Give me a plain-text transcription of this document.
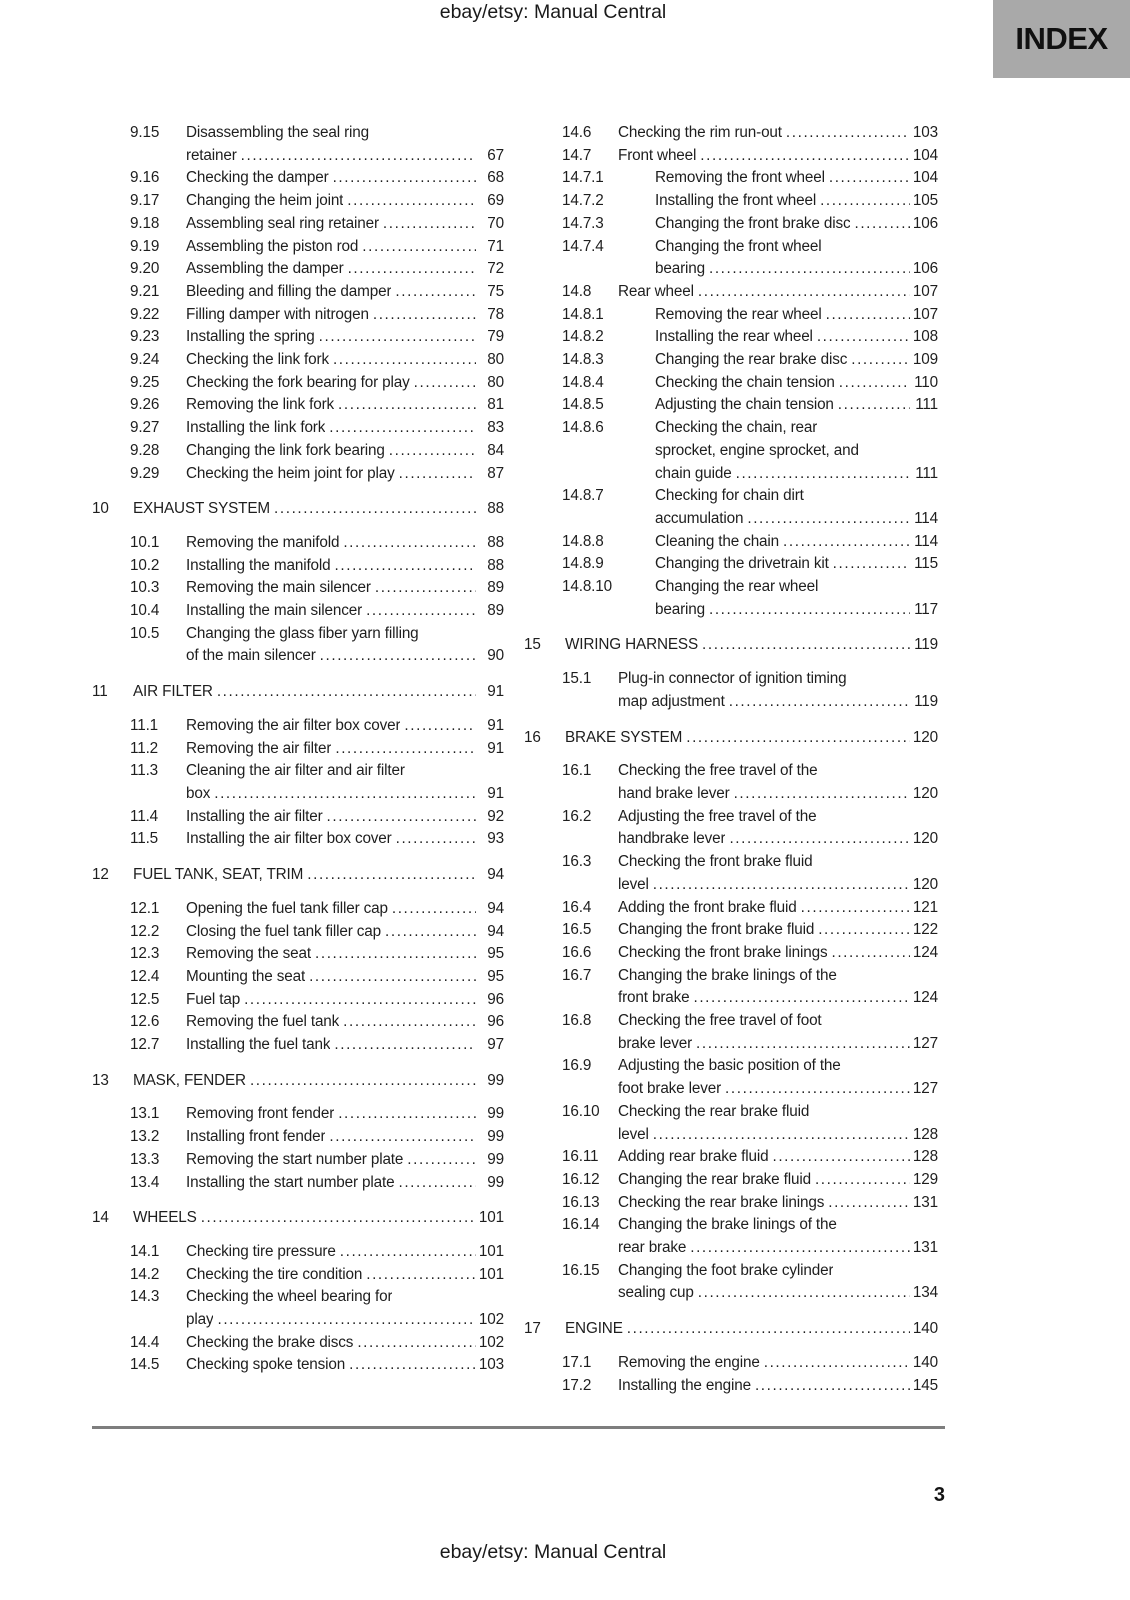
ebay/etsy: Manual Central
INDEX
9.15	Disassembling the seal ring
retainer .....	67
9.16	Checking the damper .....	68
9.17	Changing the heim joint .....	69
9.18	Assembling seal ring retainer .....	70
9.19	Assembling the piston rod .....	71
9.20	Assembling the damper .....	72
9.21	Bleeding and filling the damper .....	75
9.22	Filling damper with nitrogen .....	78
9.23	Installing the spring .....	79
9.24	Checking the link fork .....	80
9.25	Checking the fork bearing for play .....	80
9.26	Removing the link fork .....	81
9.27	Installing the link fork .....	83
9.28	Changing the link fork bearing .....	84
9.29	Checking the heim joint for play .....	87
10	EXHAUST SYSTEM .....	88
10.1	Removing the manifold .....	88
10.2	Installing the manifold .....	88
10.3	Removing the main silencer .....	89
10.4	Installing the main silencer .....	89
10.5	Changing the glass fiber yarn filling
of the main silencer .....	90
11	AIR FILTER .....	91
11.1	Removing the air filter box cover .....	91
11.2	Removing the air filter .....	91
11.3	Cleaning the air filter and air filter
box .....	91
11.4	Installing the air filter .....	92
11.5	Installing the air filter box cover .....	93
12	FUEL TANK, SEAT, TRIM .....	94
12.1	Opening the fuel tank filler cap .....	94
12.2	Closing the fuel tank filler cap .....	94
12.3	Removing the seat .....	95
12.4	Mounting the seat .....	95
12.5	Fuel tap .....	96
12.6	Removing the fuel tank .....	96
12.7	Installing the fuel tank .....	97
13	MASK, FENDER .....	99
13.1	Removing front fender .....	99
13.2	Installing front fender .....	99
13.3	Removing the start number plate .....	99
13.4	Installing the start number plate .....	99
14	WHEELS .....	101
14.1	Checking tire pressure .....	101
14.2	Checking the tire condition .....	101
14.3	Checking the wheel bearing for
play .....	102
14.4	Checking the brake discs .....	102
14.5	Checking spoke tension .....	103
14.6	Checking the rim run-out .....	103
14.7	Front wheel .....	104
14.7.1	Removing the front wheel .....	104
14.7.2	Installing the front wheel .....	105
14.7.3	Changing the front brake disc .....	106
14.7.4	Changing the front wheel
bearing .....	106
14.8	Rear wheel .....	107
14.8.1	Removing the rear wheel .....	107
14.8.2	Installing the rear wheel .....	108
14.8.3	Changing the rear brake disc .....	109
14.8.4	Checking the chain tension .....	110
14.8.5	Adjusting the chain tension .....	111
14.8.6	Checking the chain, rear
sprocket, engine sprocket, and
chain guide .....	111
14.8.7	Checking for chain dirt
accumulation .....	114
14.8.8	Cleaning the chain .....	114
14.8.9	Changing the drivetrain kit .....	115
14.8.10	Changing the rear wheel
bearing .....	117
15	WIRING HARNESS .....	119
15.1	Plug-in connector of ignition timing
map adjustment .....	119
16	BRAKE SYSTEM .....	120
16.1	Checking the free travel of the
hand brake lever .....	120
16.2	Adjusting the free travel of the
handbrake lever .....	120
16.3	Checking the front brake fluid
level .....	120
16.4	Adding the front brake fluid .....	121
16.5	Changing the front brake fluid .....	122
16.6	Checking the front brake linings .....	124
16.7	Changing the brake linings of the
front brake .....	124
16.8	Checking the free travel of foot
brake lever .....	127
16.9	Adjusting the basic position of the
foot brake lever .....	127
16.10	Checking the rear brake fluid
level .....	128
16.11	Adding rear brake fluid .....	128
16.12	Changing the rear brake fluid .....	129
16.13	Checking the rear brake linings .....	131
16.14	Changing the brake linings of the
rear brake .....	131
16.15	Changing the foot brake cylinder
sealing cup .....	134
17	ENGINE .....	140
17.1	Removing the engine .....	140
17.2	Installing the engine .....	145
3
ebay/etsy: Manual Central
